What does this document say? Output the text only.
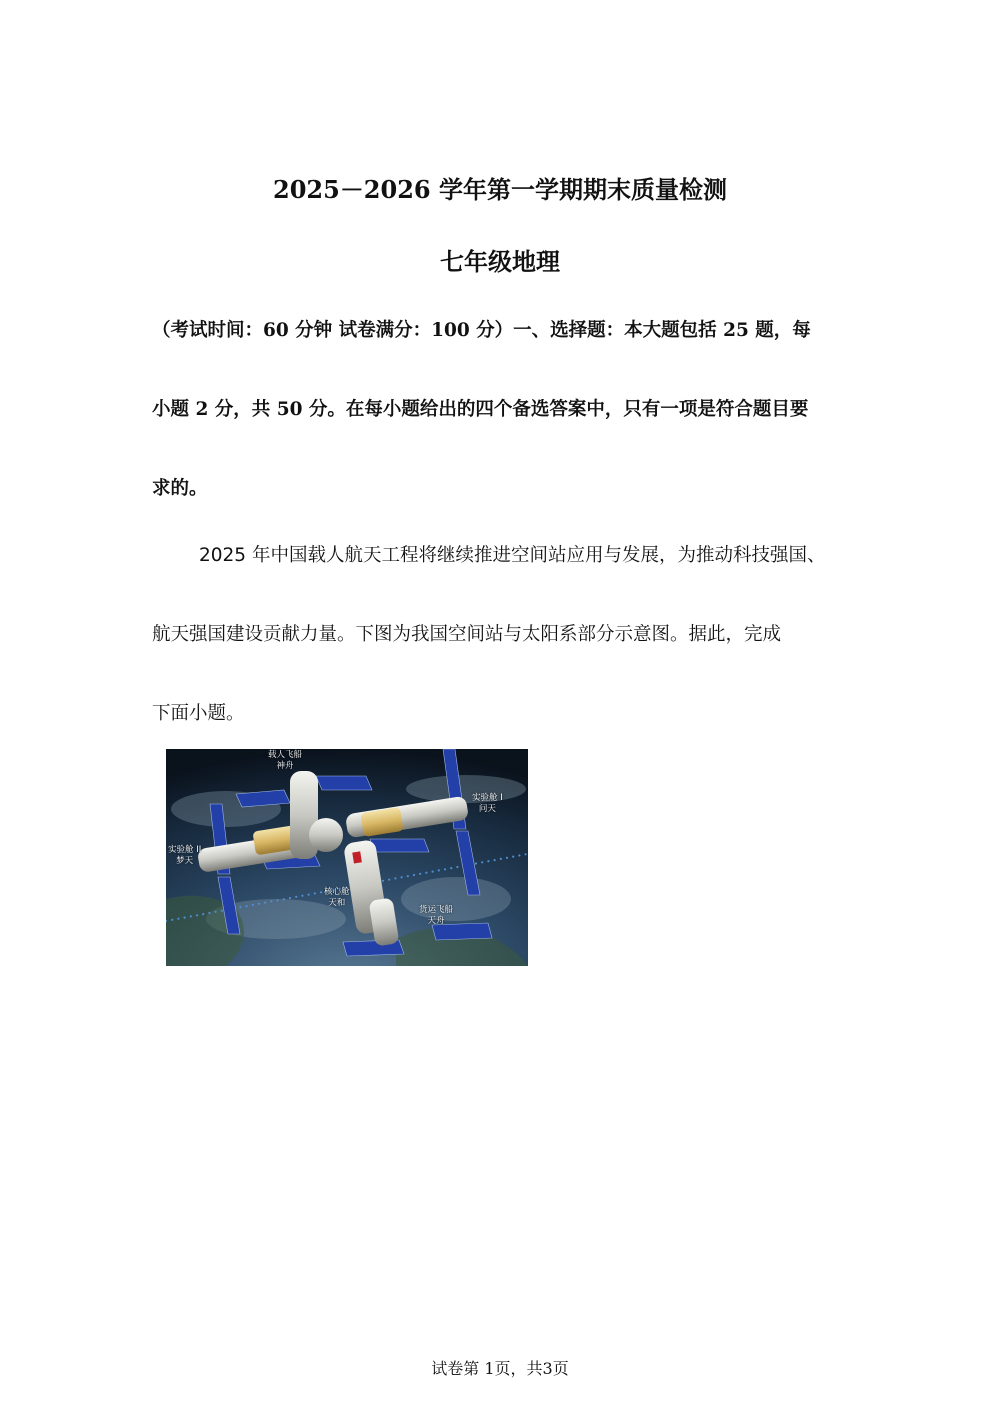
2025－2026 学年第一学期期末质量检测
七年级地理

（考试时间：60 分钟 试卷满分：100 分）一、选择题：本大题包括 25 题，每

小题 2 分，共 50 分。在每小题给出的四个备选答案中，只有一项是符合题目要

求的。

2025 年中国载人航天工程将继续推进空间站应用与发展，为推动科技强国、

航天强国建设贡献力量。下图为我国空间站与太阳系部分示意图。据此，完成

下面小题。

载人飞船
神舟
实验舱 I
问天
实验舱 II
梦天
核心舱
天和
货运飞船
天舟

试卷第 1页，共3页
